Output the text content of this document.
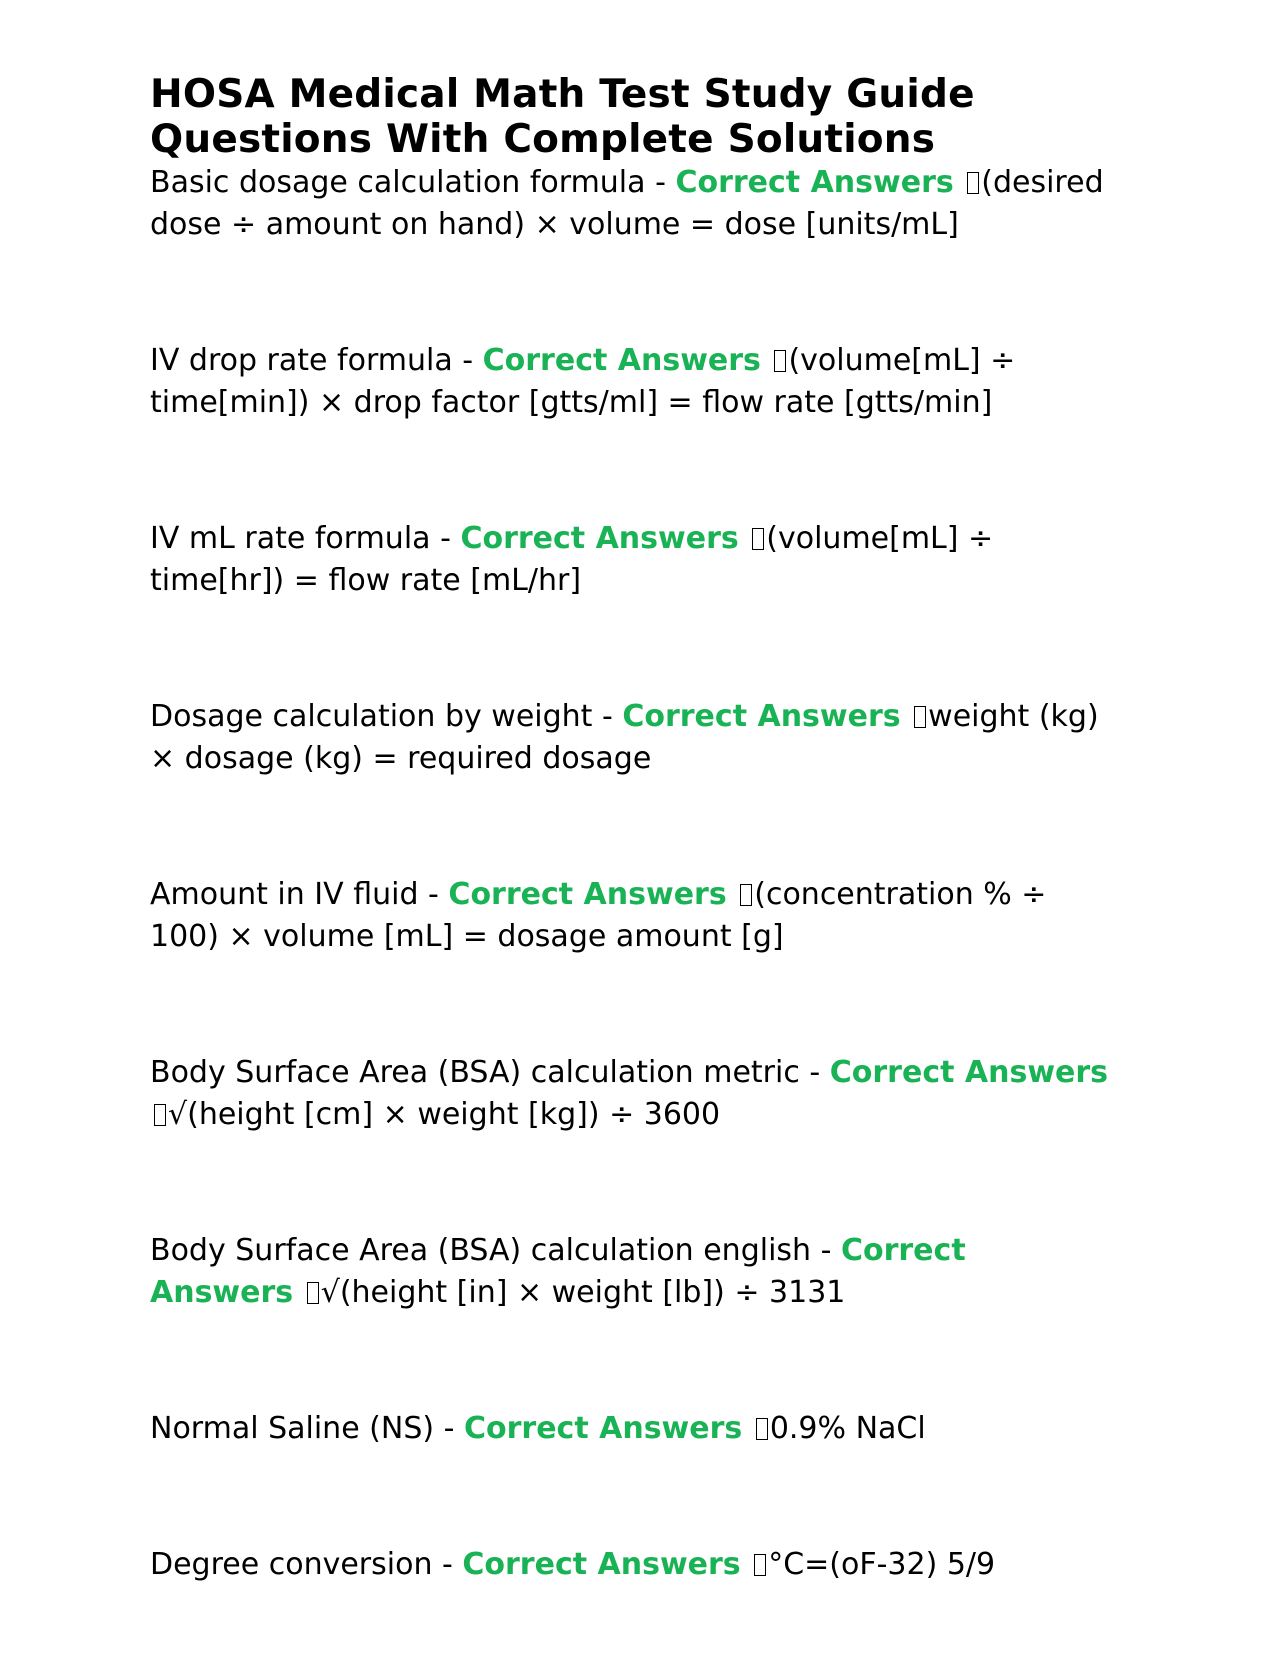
HOSA Medical Math Test Study Guide
Questions With Complete Solutions

Basic dosage calculation formula - Correct Answers (desired dose ÷ amount on hand) × volume = dose [units/mL]

IV drop rate formula - Correct Answers (volume[mL] ÷ time[min]) × drop factor [gtts/ml] = flow rate [gtts/min]

IV mL rate formula - Correct Answers (volume[mL] ÷ time[hr]) = flow rate [mL/hr]

Dosage calculation by weight - Correct Answers weight (kg) × dosage (kg) = required dosage

Amount in IV fluid - Correct Answers (concentration % ÷ 100) × volume [mL] = dosage amount [g]

Body Surface Area (BSA) calculation metric - Correct Answers √(height [cm] × weight [kg]) ÷ 3600

Body Surface Area (BSA) calculation english - Correct Answers √(height [in] × weight [lb]) ÷ 3131

Normal Saline (NS) - Correct Answers 0.9% NaCl

Degree conversion - Correct Answers °C=(oF-32) 5/9
